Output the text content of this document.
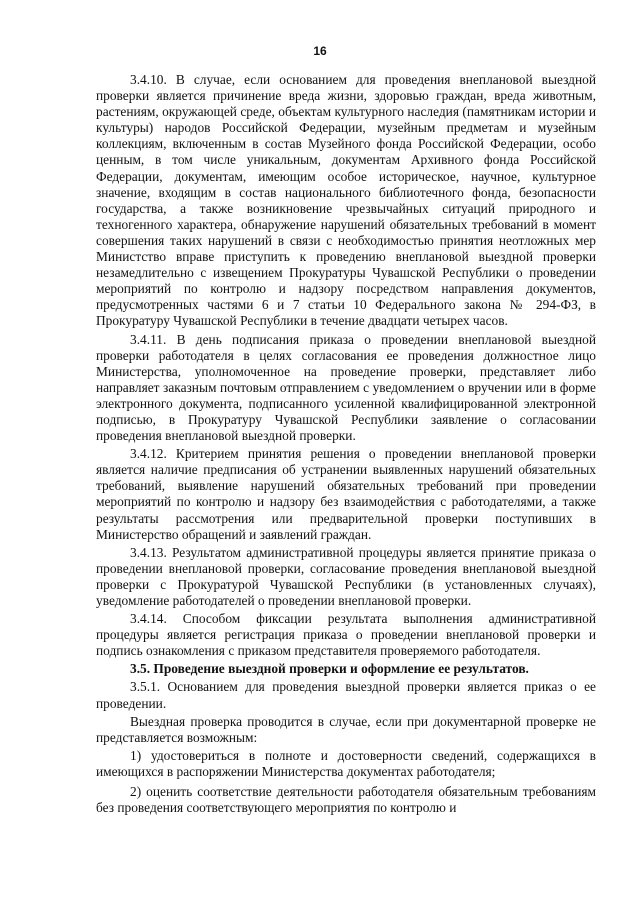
16

3.4.10. В случае, если основанием для проведения внеплановой выездной проверки является причинение вреда жизни, здоровью граждан, вреда животным, растениям, окружающей среде, объектам культурного наследия (памятникам истории и культуры) народов Российской Федерации, музейным предметам и музейным коллекциям, включенным в состав Музейного фонда Российской Федерации, особо ценным, в том числе уникальным, документам Архивного фонда Российской Федерации, документам, имеющим особое историческое, научное, культурное значение, входящим в состав национального библиотечного фонда, безопасности государства, а также возникновение чрезвычайных ситуаций природного и техногенного характера, обнаружение нарушений обязательных требований в момент совершения таких нарушений в связи с необходимостью принятия неотложных мер Министство вправе приступить к проведению внеплановой выездной проверки незамедлительно с извещением Прокуратуры Чувашской Республики о проведении мероприятий по контролю и надзору посредством направления документов, предусмотренных частями 6 и 7 статьи 10 Федерального закона № 294-ФЗ, в Прокуратуру Чувашской Республики в течение двадцати четырех часов.

3.4.11. В день подписания приказа о проведении внеплановой выездной проверки работодателя в целях согласования ее проведения должностное лицо Министерства, уполномоченное на проведение проверки, представляет либо направляет заказным почтовым отправлением с уведомлением о вручении или в форме электронного документа, подписанного усиленной квалифицированной электронной подписью, в Прокуратуру Чувашской Республики заявление о согласовании проведения внеплановой выездной проверки.

3.4.12. Критерием принятия решения о проведении внеплановой проверки является наличие предписания об устранении выявленных нарушений обязательных требований, выявление нарушений обязательных требований при проведении мероприятий по контролю и надзору без взаимодействия с работодателями, а также результаты рассмотрения или предварительной проверки поступивших в Министерство обращений и заявлений граждан.

3.4.13. Результатом административной процедуры является принятие приказа о проведении внеплановой проверки, согласование проведения внеплановой выездной проверки с Прокуратурой Чувашской Республики (в установленных случаях), уведомление работодателей о проведении внеплановой проверки.

3.4.14. Способом фиксации результата выполнения административной процедуры является регистрация приказа о проведении внеплановой проверки и подпись ознакомления с приказом представителя проверяемого работодателя.

3.5. Проведение выездной проверки и оформление ее результатов.

3.5.1. Основанием для проведения выездной проверки является приказ о ее проведении.

Выездная проверка проводится в случае, если при документарной проверке не представляется возможным:

1) удостовериться в полноте и достоверности сведений, содержащихся в имеющихся в распоряжении Министерства документах работодателя;

2) оценить соответствие деятельности работодателя обязательным требованиям без проведения соответствующего мероприятия по контролю и
